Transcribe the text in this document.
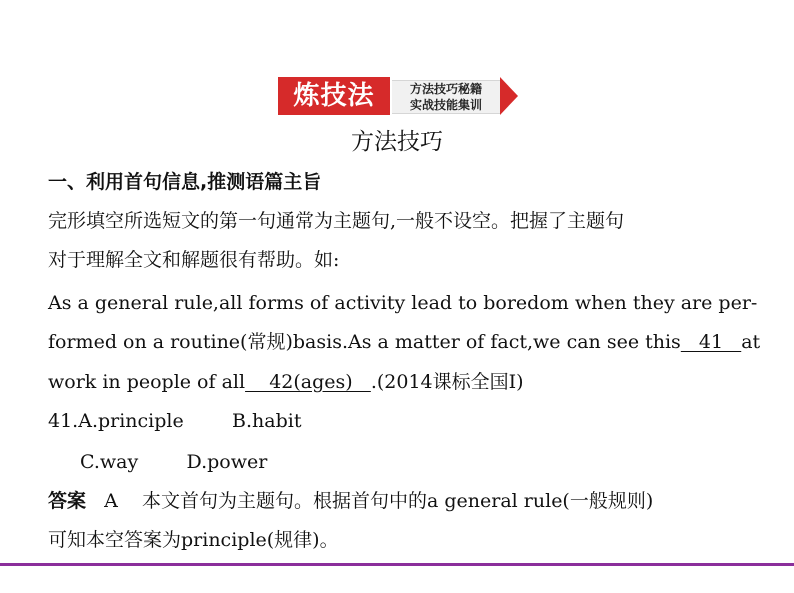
炼技法	方法技巧秘籍
实战技能集训
方法技巧
一、利用首句信息,推测语篇主旨
完形填空所选短文的第一句通常为主题句,一般不设空。把握了主题句
对于理解全文和解题很有帮助。如:
As a general rule,all forms of activity lead to boredom when they are per-
formed on a routine(常规)basis.As a matter of fact,we can see this   41   at
work in people of all    42(ages)   .(2014课标全国Ⅰ)
41.A.principle        B.habit
C.way        D.power
答案   A    本文首句为主题句。根据首句中的a general rule(一般规则)
可知本空答案为principle(规律)。
